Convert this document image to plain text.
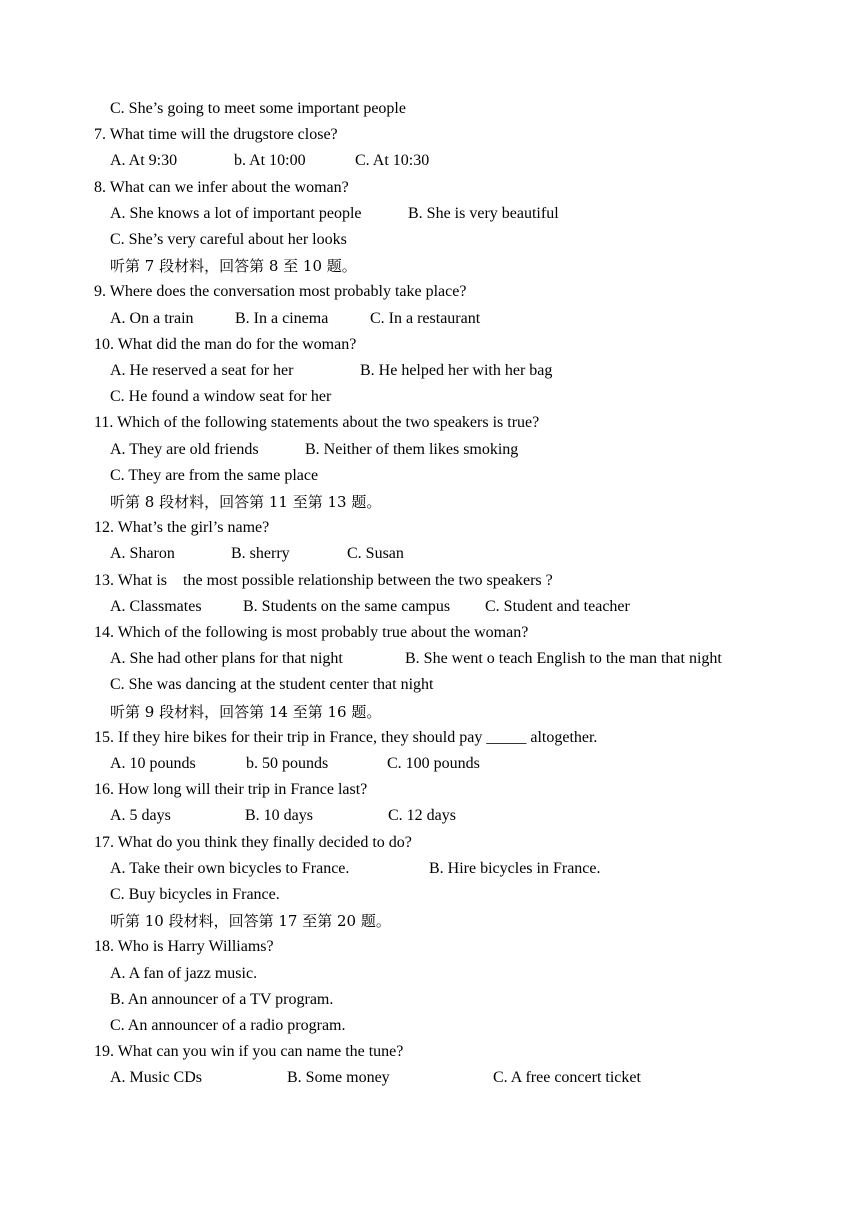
C. She’s going to meet some important people
7. What time will the drugstore close?
A. At 9:30	b. At 10:00	C. At 10:30
8. What can we infer about the woman?
A. She knows a lot of important people	B. She is very beautiful
C. She’s very careful about her looks
听第 7 段材料，回答第 8 至 10 题。
9. Where does the conversation most probably take place?
A. On a train	B. In a cinema	C. In a restaurant
10. What did the man do for the woman?
A. He reserved a seat for her	B. He helped her with her bag
C. He found a window seat for her
11. Which of the following statements about the two speakers is true?
A. They are old friends	B. Neither of them likes smoking
C. They are from the same place
听第 8 段材料，回答第 11 至第 13 题。
12. What’s the girl’s name?
A. Sharon	B. sherry	C. Susan
13. What is    the most possible relationship between the two speakers ?
A. Classmates	B. Students on the same campus C. Student and teacher
14. Which of the following is most probably true about the woman?
A. She had other plans for that night	B. She went o teach English to the man that night
C. She was dancing at the student center that night
听第 9 段材料，回答第 14 至第 16 题。
15. If they hire bikes for their trip in France, they should pay _____ altogether.
A. 10 pounds	b. 50 pounds	C. 100 pounds
16. How long will their trip in France last?
A. 5 days	B. 10 days	C. 12 days
17. What do you think they finally decided to do?
A. Take their own bicycles to France.	B. Hire bicycles in France.
C. Buy bicycles in France.
听第 10 段材料，回答第 17 至第 20 题。
18. Who is Harry Williams?
A. A fan of jazz music.
B. An announcer of a TV program.
C. An announcer of a radio program.
19. What can you win if you can name the tune?
A. Music CDs	B. Some money	C. A free concert ticket
